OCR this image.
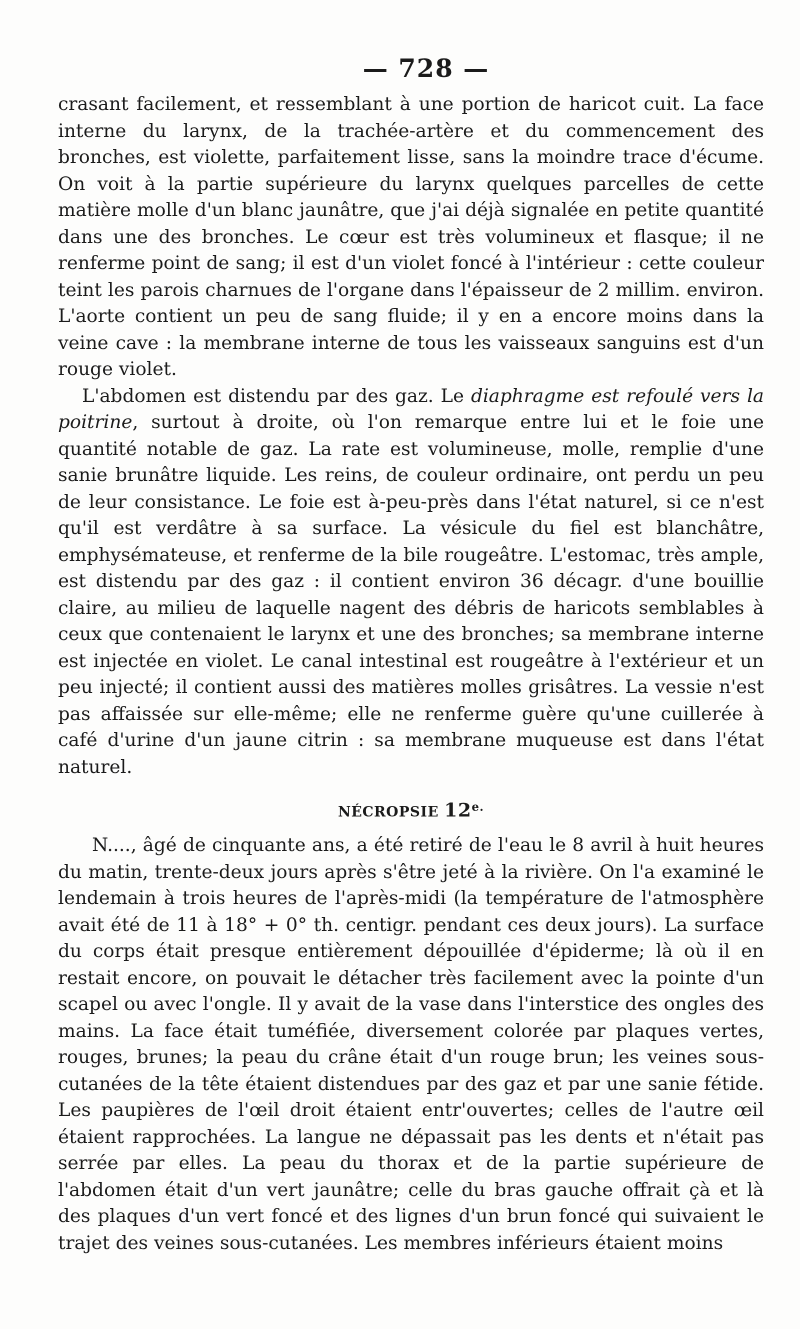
— 728 —

crasant facilement, et ressemblant à une portion de haricot cuit. La face interne du larynx, de la trachée-artère et du commencement des bronches, est violette, parfaitement lisse, sans la moindre trace d'écume. On voit à la partie supérieure du larynx quelques parcelles de cette matière molle d'un blanc jaunâtre, que j'ai déjà signalée en petite quantité dans une des bronches. Le cœur est très volumineux et flasque; il ne renferme point de sang; il est d'un violet foncé à l'intérieur : cette couleur teint les parois charnues de l'organe dans l'épaisseur de 2 millim. environ. L'aorte contient un peu de sang fluide; il y en a encore moins dans la veine cave : la membrane interne de tous les vaisseaux sanguins est d'un rouge violet.

L'abdomen est distendu par des gaz. Le diaphragme est refoulé vers la poitrine, surtout à droite, où l'on remarque entre lui et le foie une quantité notable de gaz. La rate est volumineuse, molle, remplie d'une sanie brunâtre liquide. Les reins, de couleur ordinaire, ont perdu un peu de leur consistance. Le foie est à-peu-près dans l'état naturel, si ce n'est qu'il est verdâtre à sa surface. La vésicule du fiel est blanchâtre, emphysémateuse, et renferme de la bile rougeâtre. L'estomac, très ample, est distendu par des gaz : il contient environ 36 décagr. d'une bouillie claire, au milieu de laquelle nagent des débris de haricots semblables à ceux que contenaient le larynx et une des bronches; sa membrane interne est injectée en violet. Le canal intestinal est rougeâtre à l'extérieur et un peu injecté; il contient aussi des matières molles grisâtres. La vessie n'est pas affaissée sur elle-même; elle ne renferme guère qu'une cuillerée à café d'urine d'un jaune citrin : sa membrane muqueuse est dans l'état naturel.

NÉCROPSIE $12^{e.}$

N...., âgé de cinquante ans, a été retiré de l'eau le 8 avril à huit heures du matin, trente-deux jours après s'être jeté à la rivière. On l'a examiné le lendemain à trois heures de l'après-midi (la température de l'atmosphère avait été de 11 à 18° + 0° th. centigr. pendant ces deux jours). La surface du corps était presque entièrement dépouillée d'épiderme; là où il en restait encore, on pouvait le détacher très facilement avec la pointe d'un scapel ou avec l'ongle. Il y avait de la vase dans l'interstice des ongles des mains. La face était tuméfiée, diversement colorée par plaques vertes, rouges, brunes; la peau du crâne était d'un rouge brun; les veines sous-cutanées de la tête étaient distendues par des gaz et par une sanie fétide. Les paupières de l'œil droit étaient entr'ouvertes; celles de l'autre œil étaient rapprochées. La langue ne dépassait pas les dents et n'était pas serrée par elles. La peau du thorax et de la partie supérieure de l'abdomen était d'un vert jaunâtre; celle du bras gauche offrait çà et là des plaques d'un vert foncé et des lignes d'un brun foncé qui suivaient le trajet des veines sous-cutanées. Les membres inférieurs étaient moins
